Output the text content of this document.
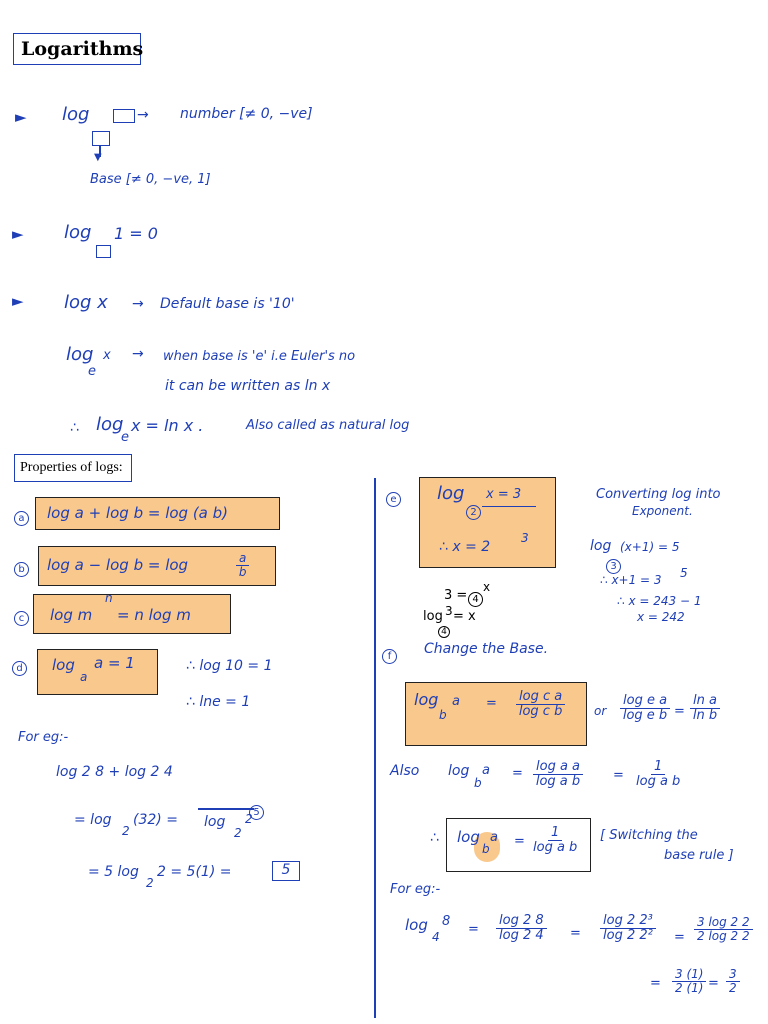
Logarithms
► log	→ number [≠ 0, −ve]
▼
Base [≠ 0, −ve, 1]
► log 1 = 0
► log x → Default base is '10'
log
e
x → when base is 'e' i.e Euler's no
it can be written as ln x
∴ log
e
x = ln x .	Also called as natural log
Properties of logs:
a log a + log b = log (a b)
b log a − log b = log	$\frac{a}{b}$
c	log m
n
= n log m
d log
a
a = 1	∴ log 10 = 1
∴ lne = 1
For eg:-
log 2 8 + log 2 4
= log
2
(32) = log
2
2 5
= 5 log
2
2 = 5(1) =	5
e log
2
x = 3
∴ x = 2
3
Converting log into
Exponent.
log
3
(x+1) = 5
∴ x+1 = 3 5
∴ x = 243 − 1
x = 242
3 = 4
x
log
4
3 = x
f	Change the Base.
log
b
$a = \frac{\text{log c a}}{\text{log c b}}$ or $\frac{\text{log e a}}{\text{log e b}} = \frac{\text{ln a}}{\text{ln b}}$
Also log
b
$a = \frac{\text{log a a}}{\text{log a b}} = \frac{1}{\text{log a b}}$
∴ log
b
$a = \frac{1}{\text{log a b}}$ [ Switching the
base rule ]
For eg:-
log
4
8
= $\frac{\log 2 8}{\log 2 4} = \frac{\text{log 2 2³}}{\text{log 2 2²}} = \frac{3 \log 2 2}{2 \log 2 2}$
= $\frac{3 (1)}{2 (1)} = \frac{3}{2}$
